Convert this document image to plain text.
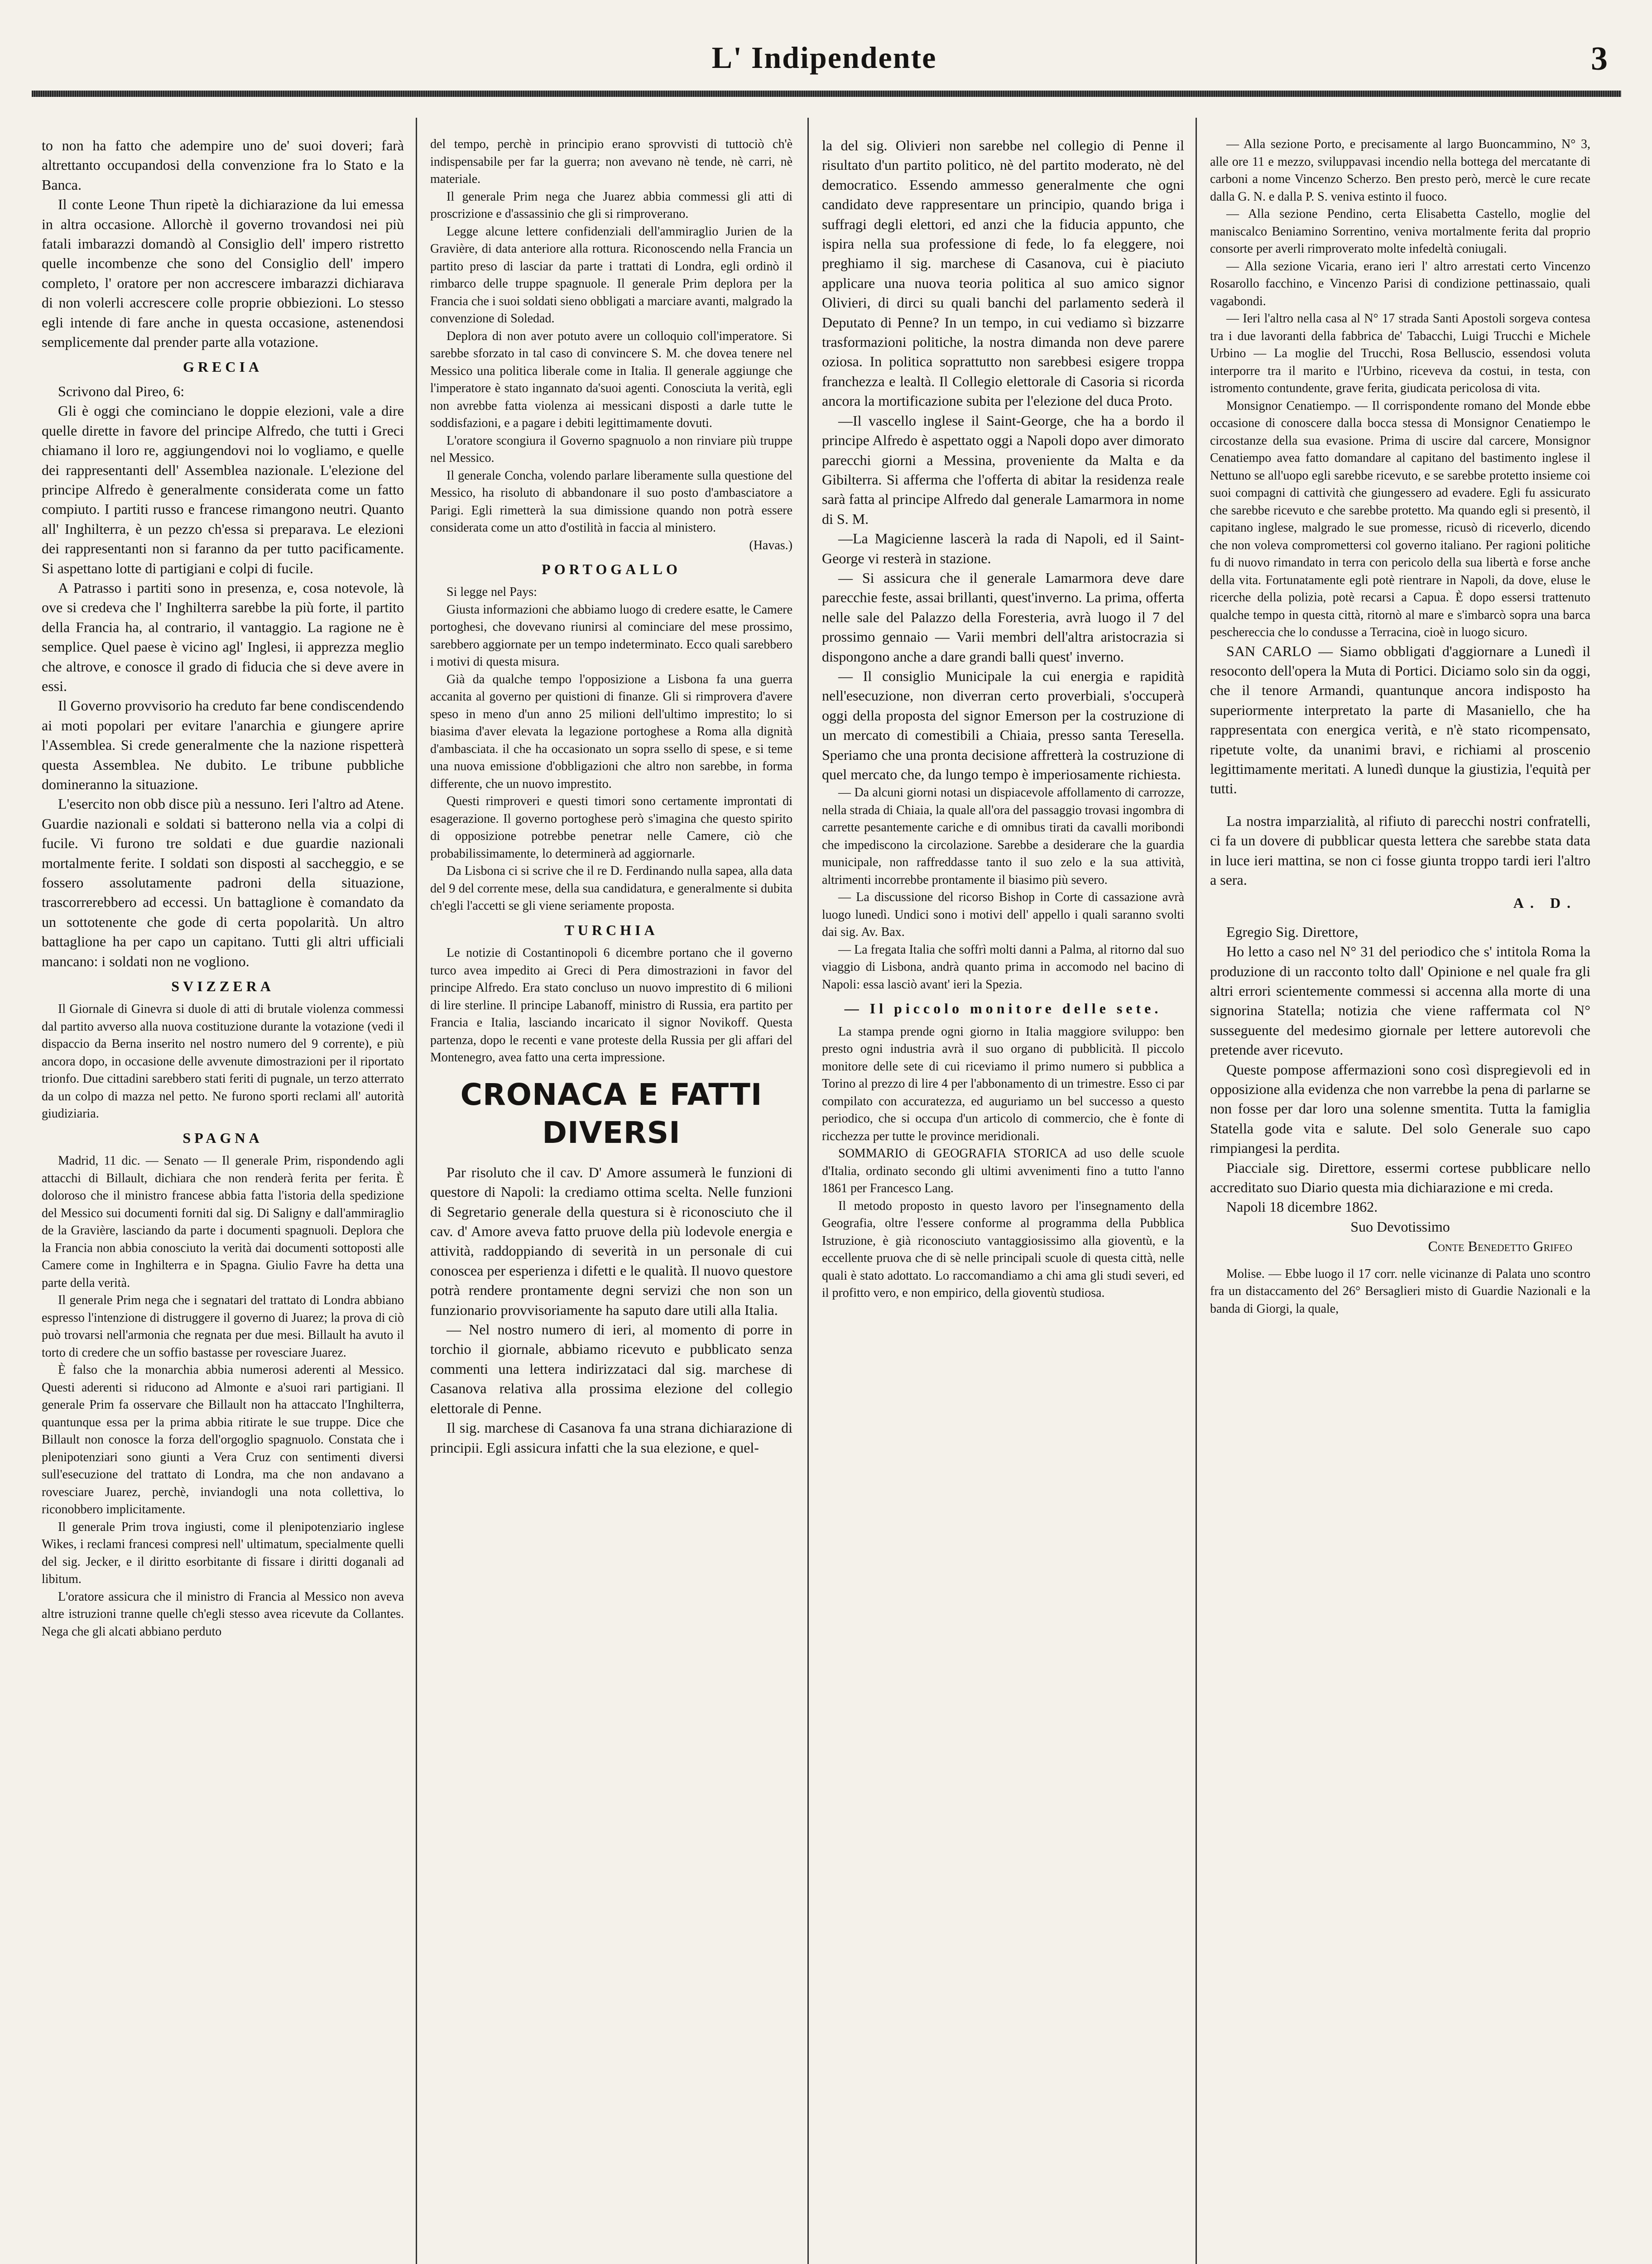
L' Indipendente	3

to non ha fatto che adempire uno de' suoi doveri; farà altrettanto occupandosi della convenzione fra lo Stato e la Banca.

Il conte Leone Thun ripetè la dichiarazione da lui emessa in altra occasione. Allorchè il governo trovandosi nei più fatali imbarazzi domandò al Consiglio dell' impero ristretto quelle incombenze che sono del Consiglio dell' impero completo, l' oratore per non accrescere imbarazzi dichiarava di non volerli accrescere colle proprie obbiezioni. Lo stesso egli intende di fare anche in questa occasione, astenendosi semplicemente dal prender parte alla votazione.

GRECIA

Scrivono dal Pireo, 6:

Gli è oggi che cominciano le doppie elezioni, vale a dire quelle dirette in favore del principe Alfredo, che tutti i Greci chiamano il loro re, aggiungendovi noi lo vogliamo, e quelle dei rappresentanti dell' Assemblea nazionale. L'elezione del principe Alfredo è generalmente considerata come un fatto compiuto. I partiti russo e francese rimangono neutri. Quanto all' Inghilterra, è un pezzo ch'essa si preparava. Le elezioni dei rappresentanti non si faranno da per tutto pacificamente. Si aspettano lotte di partigiani e colpi di fucile.

A Patrasso i partiti sono in presenza, e, cosa notevole, là ove si credeva che l' Inghilterra sarebbe la più forte, il partito della Francia ha, al contrario, il vantaggio. La ragione ne è semplice. Quel paese è vicino agl' Inglesi, ii apprezza meglio che altrove, e conosce il grado di fiducia che si deve avere in essi.

Il Governo provvisorio ha creduto far bene condiscendendo ai moti popolari per evitare l'anarchia e giungere aprire l'Assemblea. Si crede generalmente che la nazione rispetterà questa Assemblea. Ne dubito. Le tribune pubbliche domineranno la situazione.

L'esercito non obb disce più a nessuno. Ieri l'altro ad Atene. Guardie nazionali e soldati si batterono nella via a colpi di fucile. Vi furono tre soldati e due guardie nazionali mortalmente ferite. I soldati son disposti al saccheggio, e se fossero assolutamente padroni della situazione, trascorrerebbero ad eccessi. Un battaglione è comandato da un sottotenente che gode di certa popolarità. Un altro battaglione ha per capo un capitano. Tutti gli altri ufficiali mancano: i soldati non ne vogliono.

SVIZZERA

Il Giornale di Ginevra si duole di atti di brutale violenza commessi dal partito avverso alla nuova costituzione durante la votazione (vedi il dispaccio da Berna inserito nel nostro numero del 9 corrente), e più ancora dopo, in occasione delle avvenute dimostrazioni per il riportato trionfo. Due cittadini sarebbero stati feriti di pugnale, un terzo atterrato da un colpo di mazza nel petto. Ne furono sporti reclami all' autorità giudiziaria.

SPAGNA

Madrid, 11 dic. — Senato — Il generale Prim, rispondendo agli attacchi di Billault, dichiara che non renderà ferita per ferita. È doloroso che il ministro francese abbia fatta l'istoria della spedizione del Messico sui documenti forniti dal sig. Di Saligny e dall'ammiraglio de la Gravière, lasciando da parte i documenti spagnuoli. Deplora che la Francia non abbia conosciuto la verità dai documenti sottoposti alle Camere come in Inghilterra e in Spagna. Giulio Favre ha detta una parte della verità.

Il generale Prim nega che i segnatari del trattato di Londra abbiano espresso l'intenzione di distruggere il governo di Juarez; la prova di ciò può trovarsi nell'armonia che regnata per due mesi. Billault ha avuto il torto di credere che un soffio bastasse per rovesciare Juarez.

È falso che la monarchia abbia numerosi aderenti al Messico. Questi aderenti si riducono ad Almonte e a'suoi rari partigiani. Il generale Prim fa osservare che Billault non ha attaccato l'Inghilterra, quantunque essa per la prima abbia ritirate le sue truppe. Dice che Billault non conosce la forza dell'orgoglio spagnuolo. Constata che i plenipotenziari sono giunti a Vera Cruz con sentimenti diversi sull'esecuzione del trattato di Londra, ma che non andavano a rovesciare Juarez, perchè, inviandogli una nota collettiva, lo riconobbero implicitamente.

Il generale Prim trova ingiusti, come il plenipotenziario inglese Wikes, i reclami francesi compresi nell' ultimatum, specialmente quelli del sig. Jecker, e il diritto esorbitante di fissare i diritti doganali ad libitum.

L'oratore assicura che il ministro di Francia al Messico non aveva altre istruzioni tranne quelle ch'egli stesso avea ricevute da Collantes. Nega che gli alcati abbiano perduto

del tempo, perchè in principio erano sprovvisti di tuttociò ch'è indispensabile per far la guerra; non avevano nè tende, nè carri, nè materiale.

Il generale Prim nega che Juarez abbia commessi gli atti di proscrizione e d'assassinio che gli si rimproverano.

Legge alcune lettere confidenziali dell'ammiraglio Jurien de la Gravière, di data anteriore alla rottura. Riconoscendo nella Francia un partito preso di lasciar da parte i trattati di Londra, egli ordinò il rimbarco delle truppe spagnuole. Il generale Prim deplora per la Francia che i suoi soldati sieno obbligati a marciare avanti, malgrado la convenzione di Soledad.

Deplora di non aver potuto avere un colloquio coll'imperatore. Si sarebbe sforzato in tal caso di convincere S. M. che dovea tenere nel Messico una politica liberale come in Italia. Il generale aggiunge che l'imperatore è stato ingannato da'suoi agenti. Conosciuta la verità, egli non avrebbe fatta violenza ai messicani disposti a darle tutte le soddisfazioni, e a pagare i debiti legittimamente dovuti.

L'oratore scongiura il Governo spagnuolo a non rinviare più truppe nel Messico.

Il generale Concha, volendo parlare liberamente sulla questione del Messico, ha risoluto di abbandonare il suo posto d'ambasciatore a Parigi. Egli rimetterà la sua dimissione quando non potrà essere considerata come un atto d'ostilità in faccia al ministero.

(Havas.)
PORTOGALLO

Si legge nel Pays:

Giusta informazioni che abbiamo luogo di credere esatte, le Camere portoghesi, che dovevano riunirsi al cominciare del mese prossimo, sarebbero aggiornate per un tempo indeterminato. Ecco quali sarebbero i motivi di questa misura.

Già da qualche tempo l'opposizione a Lisbona fa una guerra accanita al governo per quistioni di finanze. Gli si rimprovera d'avere speso in meno d'un anno 25 milioni dell'ultimo imprestito; lo si biasima d'aver elevata la legazione portoghese a Roma alla dignità d'ambasciata. il che ha occasionato un sopra ssello di spese, e si teme una nuova emissione d'obbligazioni che altro non sarebbe, in forma differente, che un nuovo imprestito.

Questi rimproveri e questi timori sono certamente improntati di esagerazione. Il governo portoghese però s'imagina che questo spirito di opposizione potrebbe penetrar nelle Camere, ciò che probabilissimamente, lo determinerà ad aggiornarle.

Da Lisbona ci si scrive che il re D. Ferdinando nulla sapea, alla data del 9 del corrente mese, della sua candidatura, e generalmente si dubita ch'egli l'accetti se gli viene seriamente proposta.

TURCHIA

Le notizie di Costantinopoli 6 dicembre portano che il governo turco avea impedito ai Greci di Pera dimostrazioni in favor del principe Alfredo. Era stato concluso un nuovo imprestito di 6 milioni di lire sterline. Il principe Labanoff, ministro di Russia, era partito per Francia e Italia, lasciando incaricato il signor Novikoff. Questa partenza, dopo le recenti e vane proteste della Russia per gli affari del Montenegro, avea fatto una certa impressione.

CRONACA E FATTI DIVERSI

Par risoluto che il cav. D' Amore assumerà le funzioni di questore di Napoli: la crediamo ottima scelta. Nelle funzioni di Segretario generale della questura si è riconosciuto che il cav. d' Amore aveva fatto pruove della più lodevole energia e attività, raddoppiando di severità in un personale di cui conoscea per esperienza i difetti e le qualità. Il nuovo questore potrà rendere prontamente degni servizi che non son un funzionario provvisoriamente ha saputo dare utili alla Italia.

— Nel nostro numero di ieri, al momento di porre in torchio il giornale, abbiamo ricevuto e pubblicato senza commenti una lettera indirizzataci dal sig. marchese di Casanova relativa alla prossima elezione del collegio elettorale di Penne.

Il sig. marchese di Casanova fa una strana dichiarazione di principii. Egli assicura infatti che la sua elezione, e quel-

la del sig. Olivieri non sarebbe nel collegio di Penne il risultato d'un partito politico, nè del partito moderato, nè del democratico. Essendo ammesso generalmente che ogni candidato deve rappresentare un principio, quando briga i suffragi degli elettori, ed anzi che la fiducia appunto, che ispira nella sua professione di fede, lo fa eleggere, noi preghiamo il sig. marchese di Casanova, cui è piaciuto applicare una nuova teoria politica al suo amico signor Olivieri, di dirci su quali banchi del parlamento sederà il Deputato di Penne? In un tempo, in cui vediamo sì bizzarre trasformazioni politiche, la nostra dimanda non deve parere oziosa. In politica soprattutto non sarebbesi esigere troppa franchezza e lealtà. Il Collegio elettorale di Casoria si ricorda ancora la mortificazione subita per l'elezione del duca Proto.

—Il vascello inglese il Saint-George, che ha a bordo il principe Alfredo è aspettato oggi a Napoli dopo aver dimorato parecchi giorni a Messina, proveniente da Malta e da Gibilterra. Si afferma che l'offerta di abitar la residenza reale sarà fatta al principe Alfredo dal generale Lamarmora in nome di S. M.

—La Magicienne lascerà la rada di Napoli, ed il Saint-George vi resterà in stazione.

— Si assicura che il generale Lamarmora deve dare parecchie feste, assai brillanti, quest'inverno. La prima, offerta nelle sale del Palazzo della Foresteria, avrà luogo il 7 del prossimo gennaio — Varii membri dell'altra aristocrazia si dispongono anche a dare grandi balli quest' inverno.

— Il consiglio Municipale la cui energia e rapidità nell'esecuzione, non diverran certo proverbiali, s'occuperà oggi della proposta del signor Emerson per la costruzione di un mercato di comestibili a Chiaia, presso santa Teresella. Speriamo che una pronta decisione affretterà la costruzione di quel mercato che, da lungo tempo è imperiosamente richiesta.

— Da alcuni giorni notasi un dispiacevole affollamento di carrozze, nella strada di Chiaia, la quale all'ora del passaggio trovasi ingombra di carrette pesantemente cariche e di omnibus tirati da cavalli moribondi che impediscono la circolazione. Sarebbe a desiderare che la guardia municipale, non raffreddasse tanto il suo zelo e la sua attività, altrimenti incorrebbe prontamente il biasimo più severo.

— La discussione del ricorso Bishop in Corte di cassazione avrà luogo lunedì. Undici sono i motivi dell' appello i quali saranno svolti dai sig. Av. Bax.

— La fregata Italia che soffrì molti danni a Palma, al ritorno dal suo viaggio di Lisbona, andrà quanto prima in accomodo nel bacino di Napoli: essa lasciò avant' ieri la Spezia.

— Il piccolo monitore delle sete.

La stampa prende ogni giorno in Italia maggiore sviluppo: ben presto ogni industria avrà il suo organo di pubblicità. Il piccolo monitore delle sete di cui riceviamo il primo numero si pubblica a Torino al prezzo di lire 4 per l'abbonamento di un trimestre. Esso ci par compilato con accuratezza, ed auguriamo un bel successo a questo periodico, che si occupa d'un articolo di commercio, che è fonte di ricchezza per tutte le province meridionali.

SOMMARIO di GEOGRAFIA STORICA ad uso delle scuole d'Italia, ordinato secondo gli ultimi avvenimenti fino a tutto l'anno 1861 per Francesco Lang.

Il metodo proposto in questo lavoro per l'insegnamento della Geografia, oltre l'essere conforme al programma della Pubblica Istruzione, è già riconosciuto vantaggiosissimo alla gioventù, e la eccellente pruova che di sè nelle principali scuole di questa città, nelle quali è stato adottato. Lo raccomandiamo a chi ama gli studi severi, ed il profitto vero, e non empirico, della gioventù studiosa.

— Alla sezione Porto, e precisamente al largo Buoncammino, N° 3, alle ore 11 e mezzo, sviluppavasi incendio nella bottega del mercatante di carboni a nome Vincenzo Scherzo. Ben presto però, mercè le cure recate dalla G. N. e dalla P. S. veniva estinto il fuoco.

— Alla sezione Pendino, certa Elisabetta Castello, moglie del maniscalco Beniamino Sorrentino, veniva mortalmente ferita dal proprio consorte per averli rimproverato molte infedeltà coniugali.

— Alla sezione Vicaria, erano ieri l' altro arrestati certo Vincenzo Rosarollo facchino, e Vincenzo Parisi di condizione pettinassaio, quali vagabondi.

— Ieri l'altro nella casa al N° 17 strada Santi Apostoli sorgeva contesa tra i due lavoranti della fabbrica de' Tabacchi, Luigi Trucchi e Michele Urbino — La moglie del Trucchi, Rosa Belluscio, essendosi voluta interporre tra il marito e l'Urbino, riceveva da costui, in testa, con istromento contundente, grave ferita, giudicata pericolosa di vita.

Monsignor Cenatiempo. — Il corrispondente romano del Monde ebbe occasione di conoscere dalla bocca stessa di Monsignor Cenatiempo le circostanze della sua evasione. Prima di uscire dal carcere, Monsignor Cenatiempo avea fatto domandare al capitano del bastimento inglese il Nettuno se all'uopo egli sarebbe ricevuto, e se sarebbe protetto insieme coi suoi compagni di cattività che giungessero ad evadere. Egli fu assicurato che sarebbe ricevuto e che sarebbe protetto. Ma quando egli si presentò, il capitano inglese, malgrado le sue promesse, ricusò di riceverlo, dicendo che non voleva compromettersi col governo italiano. Per ragioni politiche fu di nuovo rimandato in terra con pericolo della sua libertà e forse anche della vita. Fortunatamente egli potè rientrare in Napoli, da dove, eluse le ricerche della polizia, potè recarsi a Capua. È dopo essersi trattenuto qualche tempo in questa città, ritornò al mare e s'imbarcò sopra una barca peschereccia che lo condusse a Terracina, cioè in luogo sicuro.

SAN CARLO — Siamo obbligati d'aggiornare a Lunedì il resoconto dell'opera la Muta di Portici. Diciamo solo sin da oggi, che il tenore Armandi, quantunque ancora indisposto ha superiormente interpretato la parte di Masaniello, che ha rappresentata con energica verità, e n'è stato ricompensato, ripetute volte, da unanimi bravi, e richiami al proscenio legittimamente meritati. A lunedì dunque la giustizia, l'equità per tutti.

La nostra imparzialità, al rifiuto di parecchi nostri confratelli, ci fa un dovere di pubblicar questa lettera che sarebbe stata data in luce ieri mattina, se non ci fosse giunta troppo tardi ieri l'altro a sera.

A. D.

Egregio Sig. Direttore,

Ho letto a caso nel N° 31 del periodico che s' intitola Roma la produzione di un racconto tolto dall' Opinione e nel quale fra gli altri errori scientemente commessi si accenna alla morte di una signorina Statella; notizia che viene raffermata col N° susseguente del medesimo giornale per lettere autorevoli che pretende aver ricevuto.

Queste pompose affermazioni sono così dispregievoli ed in opposizione alla evidenza che non varrebbe la pena di parlarne se non fosse per dar loro una solenne smentita. Tutta la famiglia Statella gode vita e salute. Del solo Generale suo capo rimpiangesi la perdita.

Piacciale sig. Direttore, essermi cortese pubblicare nello accreditato suo Diario questa mia dichiarazione e mi creda.

Napoli 18 dicembre 1862.

Suo Devotissimo
Conte Benedetto Grifeo

Molise. — Ebbe luogo il 17 corr. nelle vicinanze di Palata uno scontro fra un distaccamento del 26° Bersaglieri misto di Guardie Nazionali e la banda di Giorgi, la quale,
